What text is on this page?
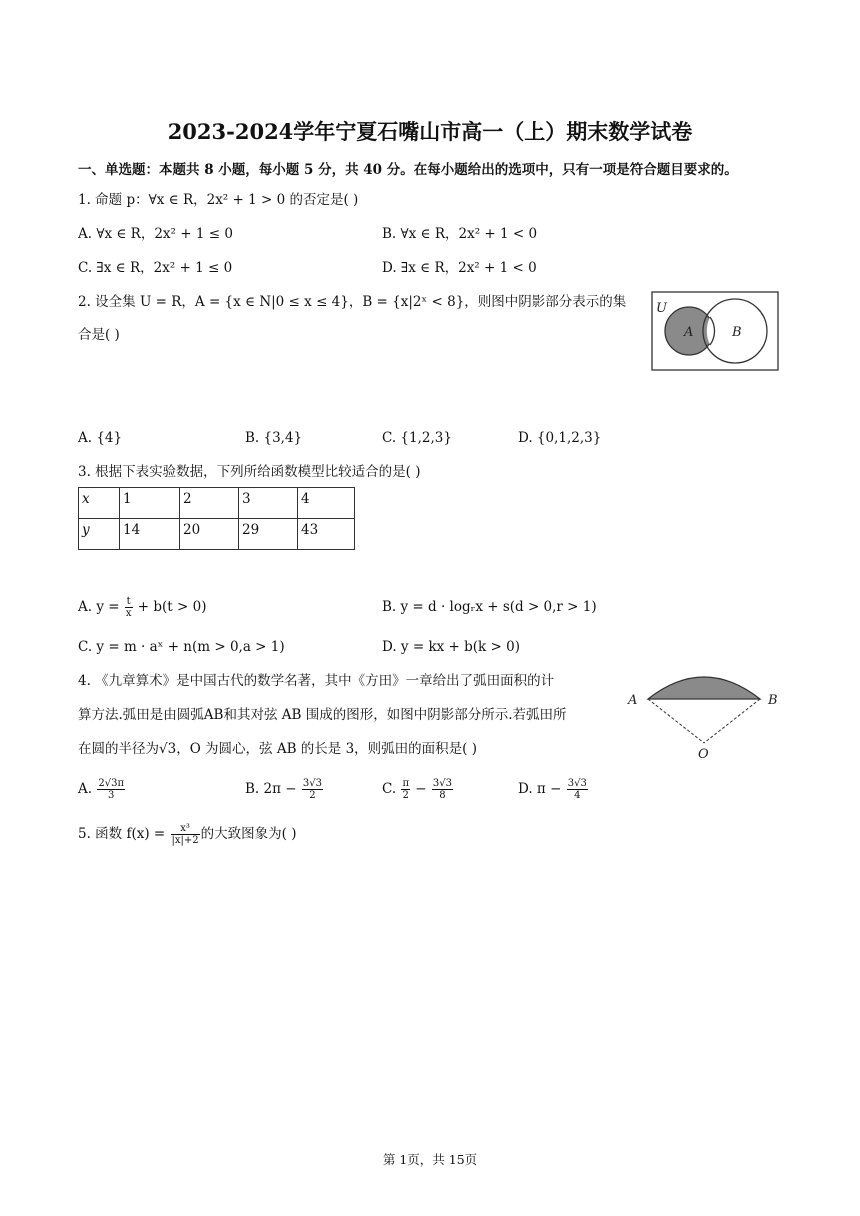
2023-2024学年宁夏石嘴山市高一（上）期末数学试卷
一、单选题：本题共 8 小题，每小题 5 分，共 40 分。在每小题给出的选项中，只有一项是符合题目要求的。
1. 命题 p：∀x ∈ R，2x² + 1 > 0 的否定是( )
A. ∀x ∈ R，2x² + 1 ≤ 0	B. ∀x ∈ R，2x² + 1 < 0
C. ∃x ∈ R，2x² + 1 ≤ 0	D. ∃x ∈ R，2x² + 1 < 0
2. 设全集 U = R，A = {x ∈ N|0 ≤ x ≤ 4}，B = {x|2ˣ < 8}，则图中阴影部分表示的集
合是( )
U
A	B
A. {4}	B. {3,4}	C. {1,2,3}	D. {0,1,2,3}
3. 根据下表实验数据，下列所给函数模型比较适合的是( )
x	1	2	3	4
y	14	20	29	43
A. $y = \frac{t}{x} + b(t > 0)$	B. y = d · logᵣx + s(d > 0,r > 1)
C. y = m · aˣ + n(m > 0,a > 1)	D. y = kx + b(k > 0)
4. 《九章算术》是中国古代的数学名著，其中《方田》一章给出了弧田面积的计
算方法.弧田是由圆弧AB和其对弦 AB 围成的图形，如图中阴影部分所示.若弧田所
在圆的半径为√3，O 为圆心，弦 AB 的长是 3，则弧田的面积是( )
A	B
O
A. $\frac{2√3\pi}{3}$	B. $2\pi - \frac{3√3}{2}$	C. $\frac{\pi}{2} - \frac{3√3}{8}$	D. $\pi - \frac{3√3}{4}$
5. 函数 $f(x) = \frac{\text{x³}}{|x|+2}$ 的大致图象为( )
第 1页，共 15页
